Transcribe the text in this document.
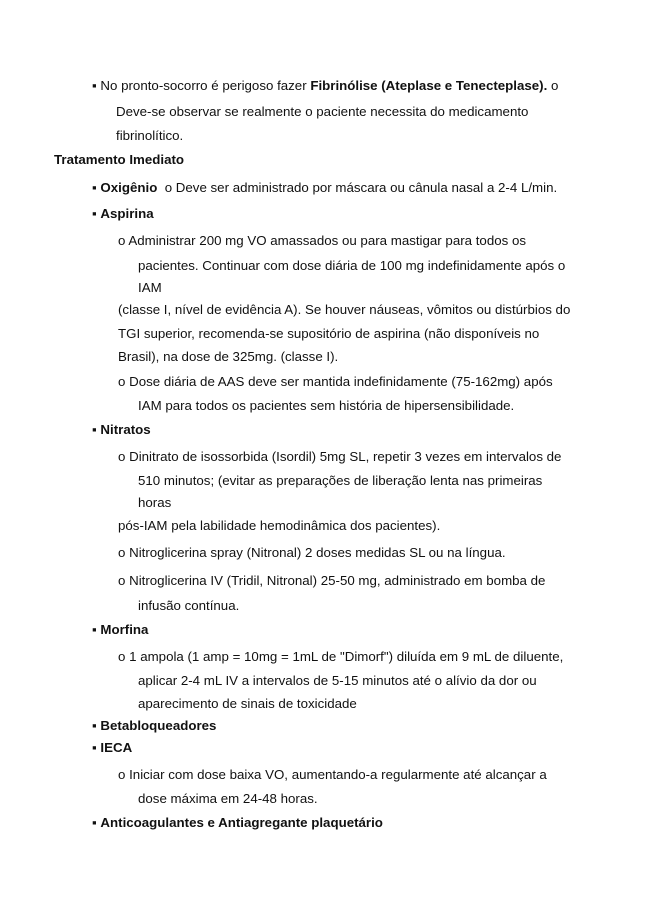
▪ No pronto-socorro é perigoso fazer Fibrinólise (Ateplase e Tenecteplase). o
Deve-se observar se realmente o paciente necessita do medicamento
fibrinolítico.
Tratamento Imediato
▪ Oxigênio o Deve ser administrado por máscara ou cânula nasal a 2-4 L/min.
▪ Aspirina
o Administrar 200 mg VO amassados ou para mastigar para todos os
pacientes. Continuar com dose diária de 100 mg indefinidamente após o
IAM
(classe I, nível de evidência A). Se houver náuseas, vômitos ou distúrbios do
TGI superior, recomenda-se supositório de aspirina (não disponíveis no
Brasil), na dose de 325mg. (classe I).
o Dose diária de AAS deve ser mantida indefinidamente (75-162mg) após
IAM para todos os pacientes sem história de hipersensibilidade.
▪ Nitratos
o Dinitrato de isossorbida (Isordil) 5mg SL, repetir 3 vezes em intervalos de
510 minutos; (evitar as preparações de liberação lenta nas primeiras
horas
pós-IAM pela labilidade hemodinâmica dos pacientes).
o Nitroglicerina spray (Nitronal) 2 doses medidas SL ou na língua.
o Nitroglicerina IV (Tridil, Nitronal) 25-50 mg, administrado em bomba de
infusão contínua.
▪ Morfina
o 1 ampola (1 amp = 10mg = 1mL de "Dimorf") diluída em 9 mL de diluente,
aplicar 2-4 mL IV a intervalos de 5-15 minutos até o alívio da dor ou
aparecimento de sinais de toxicidade
▪ Betabloqueadores
▪ IECA
o Iniciar com dose baixa VO, aumentando-a regularmente até alcançar a
dose máxima em 24-48 horas.
▪ Anticoagulantes e Antiagregante plaquetário
